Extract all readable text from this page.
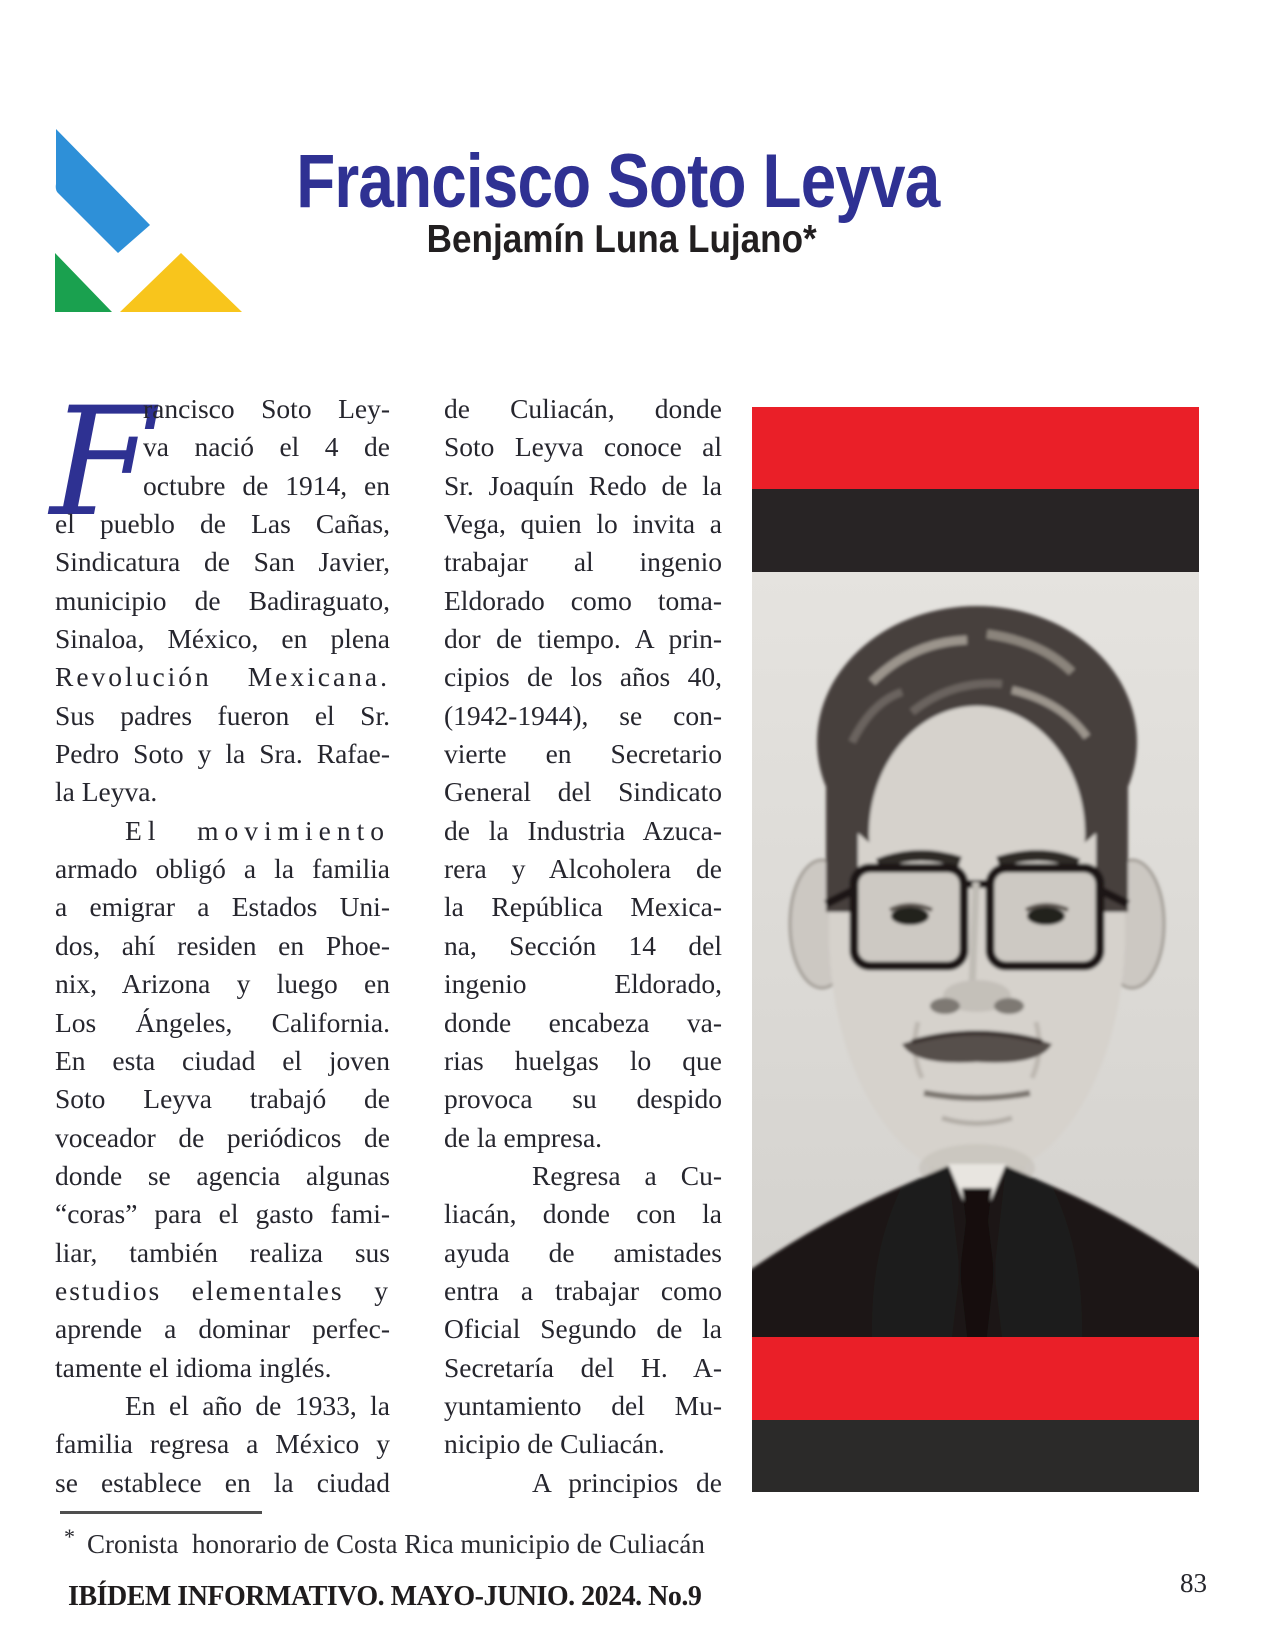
Francisco Soto Leyva
Benjamín Luna Lujano*
F
rancisco Soto Ley-
va nació el 4 de
octubre de 1914, en
el pueblo de Las Cañas,
Sindicatura de San Javier,
municipio de Badiraguato,
Sinaloa, México, en plena
Revolución Mexicana.
Sus padres fueron el Sr.
Pedro Soto y la Sra. Rafae-
la Leyva.
El movimiento
armado obligó a la familia
a emigrar a Estados Uni-
dos, ahí residen en Phoe-
nix, Arizona y luego en
Los Ángeles, California.
En esta ciudad el joven
Soto Leyva trabajó de
voceador de periódicos de
donde se agencia algunas
“coras” para el gasto fami-
liar, también realiza sus
estudios elementales y
aprende a dominar perfec-
tamente el idioma inglés.
En el año de 1933, la
familia regresa a México y
se establece en la ciudad
de Culiacán, donde
Soto Leyva conoce al
Sr. Joaquín Redo de la
Vega, quien lo invita a
trabajar al ingenio
Eldorado como toma-
dor de tiempo. A prin-
cipios de los años 40,
(1942-1944), se con-
vierte en Secretario
General del Sindicato
de la Industria Azuca-
rera y Alcoholera de
la República Mexica-
na, Sección 14 del
ingenio Eldorado,
donde encabeza va-
rias huelgas lo que
provoca su despido
de la empresa.
Regresa a Cu-
liacán, donde con la
ayuda de amistades
entra a trabajar como
Oficial Segundo de la
Secretaría del H. A-
yuntamiento del Mu-
nicipio de Culiacán.
A principios de
* Cronista  honorario de Costa Rica municipio de Culiacán
IBÍDEM INFORMATIVO. MAYO-JUNIO. 2024. No.9	83
